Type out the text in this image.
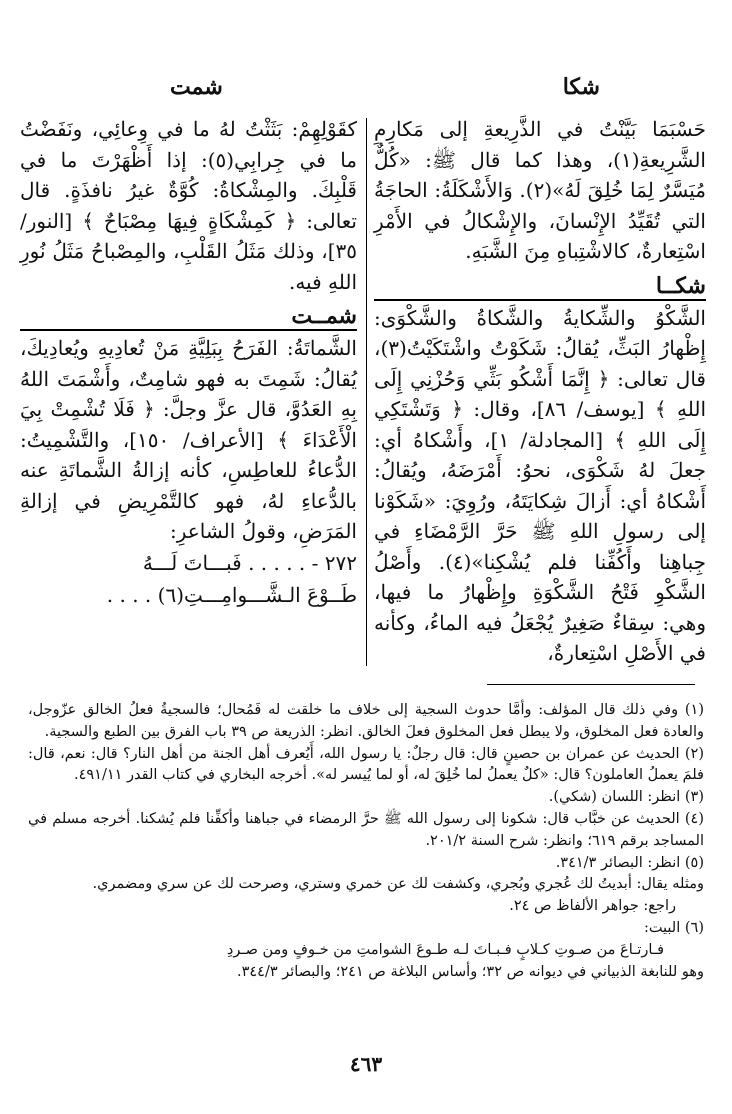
شكا
شمت

حَسْبَمَا بَيَّنْتُ في الذَّرِيعةِ إلى مَكارِمِ الشَّرِيعةِ(١)، وهذا كما قال ﷺ: «كُلٌّ مُيَسَّرٌ لِمَا خُلِقَ لَهُ»(٢). وَالأَشْكَلَةُ: الحاجَةُ التي تُقَيِّدُ الإِنْسانَ، والإِشْكالُ في الأَمْرِ اسْتِعارةٌ، كالاشْتِباهِ مِنَ الشَّبَهِ.

شكــا

الشَّكْوُ والشِّكايةُ والشَّكاةُ والشَّكْوَى: إِظْهارُ البَثِّ، يُقالُ: شَكَوْتُ واشْتَكَيْتُ(٣)، قال تعالى: ﴿ إِنَّمَا أَشْكُو بَثِّي وَحُزْنِي إِلَى اللهِ ﴾ [يوسف/ ٨٦]، وقال: ﴿ وَتَشْتَكِي إِلَى اللهِ ﴾ [المجادلة/ ١]، وأَشْكاهُ أي: جعلَ لهُ شَكْوَى، نحوُ: أَمْرَضَهُ، ويُقالُ: أَشْكاهُ أي: أَزالَ شِكايَتَهُ، ورُوِيَ: «شَكَوْنا إلى رسولِ اللهِ ﷺ حَرَّ الرَّمْضَاءِ في جِباهِنا وأَكُفِّنا فلم يُشْكِنا»(٤). وأَصْلُ الشَّكْوِ فَتْحُ الشَّكْوَةِ وإِظْهارُ ما فيها، وهي: سِقاءٌ صَغِيرٌ يُجْعَلُ فيه الماءُ، وكأنه في الأَصْلِ اسْتِعارةٌ،

كقَوْلِهِمْ: بَثَثْتُ لهُ ما في وِعائِي، ونَفَضْتُ ما في جِرابِي(٥): إذا أَظْهَرْتَ ما في قَلْبِكَ. والمِشْكاةُ: كُوَّةٌ غيرُ نافذَةٍ. قال تعالى: ﴿ كَمِشْكَاةٍ فِيهَا مِصْبَاحٌ ﴾ [النور/ ٣٥]، وذلك مَثَلُ القَلْبِ، والمِصْباحُ مَثَلُ نُورِ اللهِ فيه.

شمــت

الشَّماتَةُ: الفَرَحُ بِبَلِيَّةِ مَنْ تُعادِيهِ ويُعادِيكَ، يُقالُ: شَمِتَ به فهو شامِتٌ، وأَشْمَتَ اللهُ بِهِ العَدُوَّ، قال عزَّ وجلَّ: ﴿ فَلَا تُشْمِتْ بِيَ الْأَعْدَاءَ ﴾ [الأعراف/ ١٥٠]، والتَّشْمِيتُ: الدُّعاءُ للعاطِسِ، كأنه إزالةُ الشَّماتَةِ عنه بالدُّعاءِ لهُ، فهو كالتَّمْرِيضِ في إزالةِ المَرَضِ، وقولُ الشاعرِ:

٢٧٢ - . . . . . فَبـــاتَ لَـــهُ

طَــوْعَ الـشَّـــوامِـــتِ(٦) . . . .

(١) وفي ذلك قال المؤلف: وأمَّا حدوث السجية إلى خلاف ما خلقت له فَمُحال؛ فالسجيةُ فعلُ الخالق عزّوجل، والعادة فعل المخلوق، ولا يبطل فعل المخلوق فعلَ الخالق. انظر: الذريعة ص ٣٩ باب الفرق بين الطبع والسجية.

(٢) الحديث عن عمران بن حصينٍ قال: قال رجلٌ: يا رسول الله، أَيُعرف أهل الجنة من أهل النار؟ قال: نعم، قال: فلمَ يعملُ العاملون؟ قال: «كلٌ يعملُ لما خُلِقَ له، أو لما يُيسر له». أخرجه البخاري في كتاب القدر ٤٩١/١١.

(٣) انظر: اللسان (شكي).

(٤) الحديث عن خبَّاب قال: شكونا إلى رسول الله ﷺ حرَّ الرمضاء في جباهنا وأكفِّنا فلم يُشكنا. أخرجه مسلم في المساجد برقم ٦١٩؛ وانظر: شرح السنة ٢٠١/٢.

(٥) انظر: البصائر ٣٤١/٣.

ومثله يقال: أبديتُ لك عُجري وبُجري، وكشفت لك عن خمري وستري، وصرحت لك عن سري ومضمري.

راجع: جواهر الألفاظ ص ٢٤.

(٦) البيت:

فـارتـاعَ من صـوتِ كـلابٍ فـبـاتَ لـه طـوعَ الشوامتِ من خـوفٍ ومن صـردِ

وهو للنابغة الذبياني في ديوانه ص ٣٢؛ وأساس البلاغة ص ٢٤١؛ والبصائر ٣٤٤/٣.

٤٦٣
